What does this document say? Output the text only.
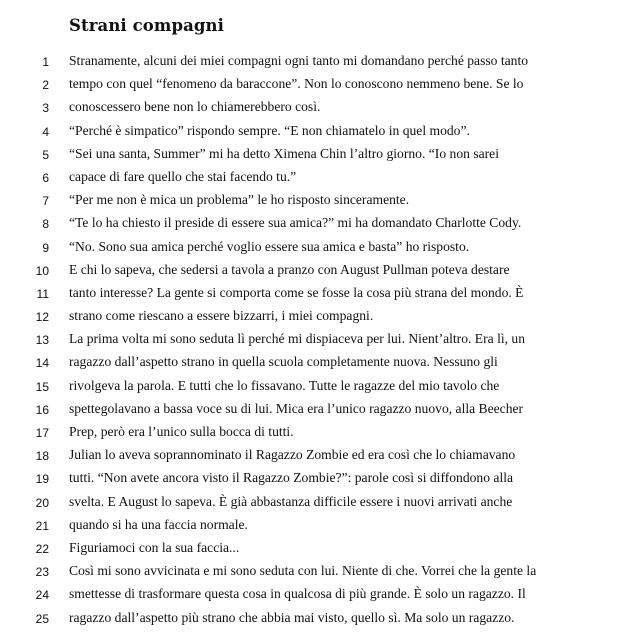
Strani compagni
1 Stranamente, alcuni dei miei compagni ogni tanto mi domandano perché passo tanto
2 tempo con quel “fenomeno da baraccone”. Non lo conoscono nemmeno bene. Se lo
3 conoscessero bene non lo chiamerebbero così.
4 “Perché è simpatico” rispondo sempre. “E non chiamatelo in quel modo”.
5 “Sei una santa, Summer” mi ha detto Ximena Chin l’altro giorno. “Io non sarei
6 capace di fare quello che stai facendo tu.”
7 “Per me non è mica un problema” le ho risposto sinceramente.
8 “Te lo ha chiesto il preside di essere sua amica?” mi ha domandato Charlotte Cody.
9 “No. Sono sua amica perché voglio essere sua amica e basta” ho risposto.
10 E chi lo sapeva, che sedersi a tavola a pranzo con August Pullman poteva destare
11 tanto interesse? La gente si comporta come se fosse la cosa più strana del mondo. È
12 strano come riescano a essere bizzarri, i miei compagni.
13 La prima volta mi sono seduta lì perché mi dispiaceva per lui. Nient’altro. Era lì, un
14 ragazzo dall’aspetto strano in quella scuola completamente nuova. Nessuno gli
15 rivolgeva la parola. E tutti che lo fissavano. Tutte le ragazze del mio tavolo che
16 spettegolavano a bassa voce su di lui. Mica era l’unico ragazzo nuovo, alla Beecher
17 Prep, però era l’unico sulla bocca di tutti.
18 Julian lo aveva soprannominato il Ragazzo Zombie ed era così che lo chiamavano
19 tutti. “Non avete ancora visto il Ragazzo Zombie?”: parole così si diffondono alla
20 svelta. E August lo sapeva. È già abbastanza difficile essere i nuovi arrivati anche
21 quando si ha una faccia normale.
22 Figuriamoci con la sua faccia...
23 Così mi sono avvicinata e mi sono seduta con lui. Niente di che. Vorrei che la gente la
24 smettesse di trasformare questa cosa in qualcosa di più grande. È solo un ragazzo. Il
25 ragazzo dall’aspetto più strano che abbia mai visto, quello sì. Ma solo un ragazzo.
